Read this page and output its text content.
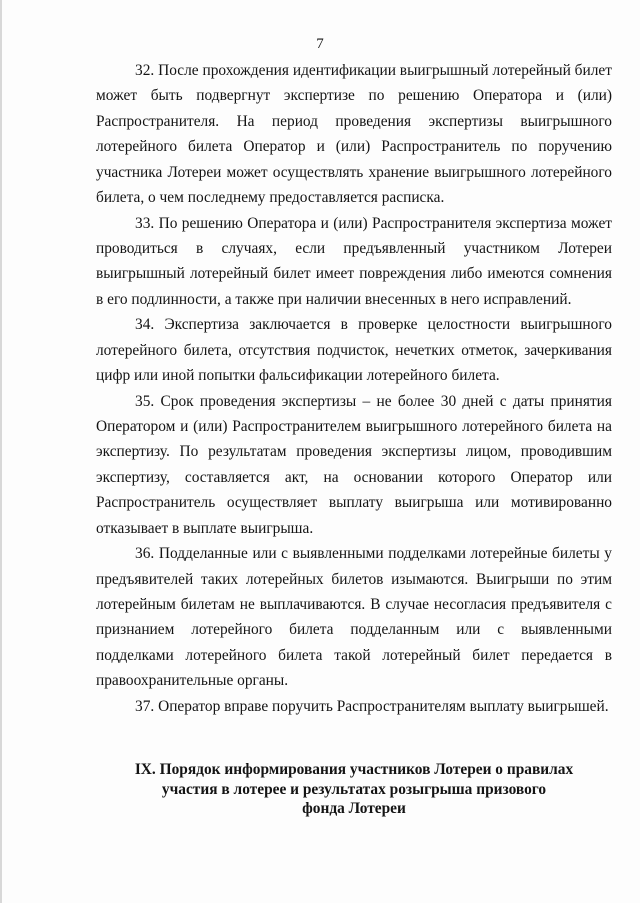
7

32. После прохождения идентификации выигрышный лотерейный билет может быть подвергнут экспертизе по решению Оператора и (или) Распространителя. На период проведения экспертизы выигрышного лотерейного билета Оператор и (или) Распространитель по поручению участника Лотереи может осуществлять хранение выигрышного лотерейного билета, о чем последнему предоставляется расписка.

33. По решению Оператора и (или) Распространителя экспертиза может проводиться в случаях, если предъявленный участником Лотереи выигрышный лотерейный билет имеет повреждения либо имеются сомнения в его подлинности, а также при наличии внесенных в него исправлений.

34. Экспертиза заключается в проверке целостности выигрышного лотерейного билета, отсутствия подчисток, нечетких отметок, зачеркивания цифр или иной попытки фальсификации лотерейного билета.

35. Срок проведения экспертизы – не более 30 дней с даты принятия Оператором и (или) Распространителем выигрышного лотерейного билета на экспертизу. По результатам проведения экспертизы лицом, проводившим экспертизу, составляется акт, на основании которого Оператор или Распространитель осуществляет выплату выигрыша или мотивированно отказывает в выплате выигрыша.

36. Подделанные или с выявленными подделками лотерейные билеты у предъявителей таких лотерейных билетов изымаются. Выигрыши по этим лотерейным билетам не выплачиваются. В случае несогласия предъявителя с признанием лотерейного билета подделанным или с выявленными подделками лотерейного билета такой лотерейный билет передается в правоохранительные органы.

37. Оператор вправе поручить Распространителям выплату выигрышей.

IX. Порядок информирования участников Лотереи о правилах
участия в лотерее и результатах розыгрыша призового
фонда Лотереи
